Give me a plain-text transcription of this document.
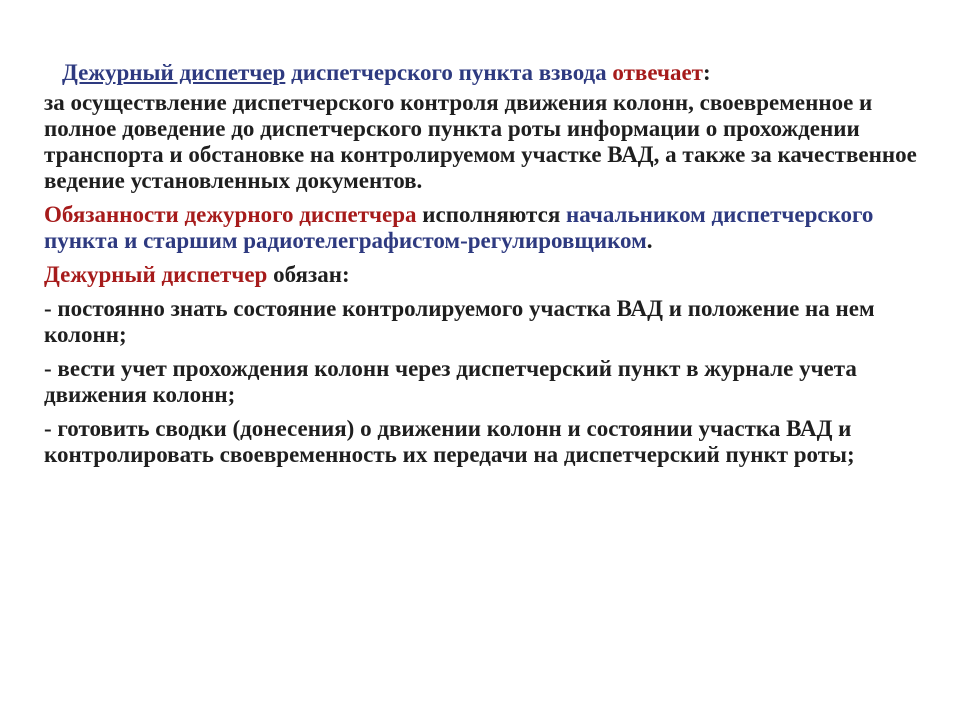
Дежурный диспетчер диспетчерского пункта взвода отвечает:

за осуществление диспетчерского контроля движения колонн, своевременное и полное доведение до диспетчерского пункта роты информации о прохождении транспорта и обстановке на контролируемом участке ВАД, а также за качественное ведение установленных документов.

Обязанности дежурного диспетчера исполняются начальником диспетчерского пункта и старшим радиотелеграфистом-регулировщиком.

Дежурный диспетчер обязан:

- постоянно знать состояние контролируемого участка ВАД и положение на нем колонн;

- вести учет прохождения колонн через диспетчерский пункт в журнале учета движения колонн;

- готовить сводки (донесения) о движении колонн и состоянии участка ВАД и контролировать своевременность их передачи на диспетчерский пункт роты;
